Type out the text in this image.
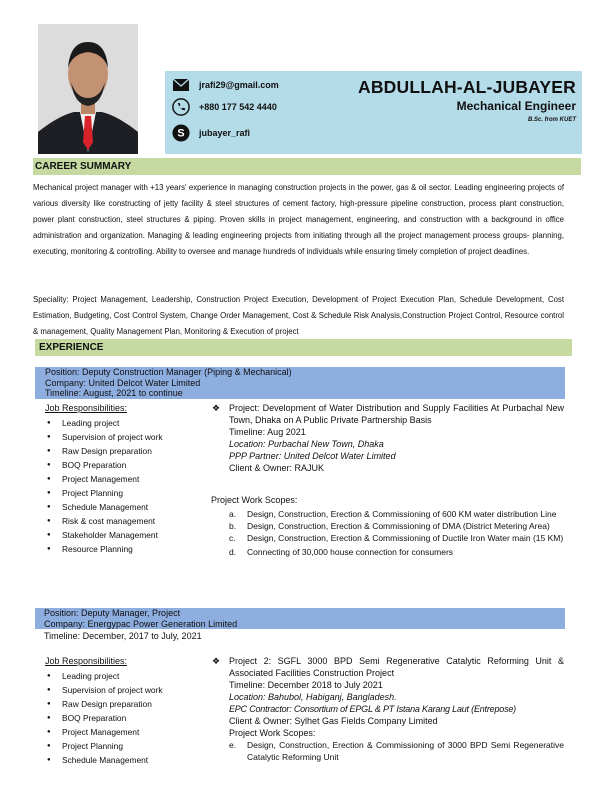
jrafi29@gmail.com
+880 177 542 4440
S jubayer_rafi
ABDULLAH-AL-JUBAYER
Mechanical Engineer
B.Sc. from KUET
CAREER SUMMARY
Mechanical project manager with +13 years' experience in managing construction projects in the power, gas & oil sector. Leading engineering projects of various diversity like constructing of jetty facility & steel structures of cement factory, high-pressure pipeline construction, process plant construction, power plant construction, steel structures & piping. Proven skills in project management, engineering, and construction with a background in office administration and organization. Managing & leading engineering projects from initiating through all the project management process groups- planning, executing, monitoring & controlling. Ability to oversee and manage hundreds of individuals while ensuring timely completion of project deadlines.
Speciality: Project Management, Leadership, Construction Project Execution, Development of Project Execution Plan, Schedule Development, Cost Estimation, Budgeting, Cost Control System, Change Order Management, Cost & Schedule Risk Analysis,Construction Project Control, Resource control & management, Quality Management Plan, Monitoring & Execution of project
EXPERIENCE
Position: Deputy Construction Manager (Piping & Mechanical)
Company: United Delcot Water Limited
Timeline: August, 2021 to continue
Job Responsibilities:
● Leading project
● Supervision of project work
● Raw Design preparation
● BOQ Preparation
● Project Management
● Project Planning
● Schedule Management
● Risk & cost management
● Stakeholder Management
● Resource Planning
❖ Project: Development of Water Distribution and Supply Facilities At Purbachal New Town, Dhaka on A Public Private Partnership Basis
Timeline: Aug 2021
Location: Purbachal New Town, Dhaka
PPP Partner: United Delcot Water Limited
Client & Owner: RAJUK
Project Work Scopes:
a. Design, Construction, Erection & Commissioning of 600 KM water distribution Line
b. Design, Construction, Erection & Commissioning of DMA (District Metering Area)
c. Design, Construction, Erection & Commissioning of Ductile Iron Water main (15 KM)
d. Connecting of 30,000 house connection for consumers
Position: Deputy Manager, Project
Company: Energypac Power Generation Limited
Timeline: December, 2017 to July, 2021
Job Responsibilities:
● Leading project
● Supervision of project work
● Raw Design preparation
● BOQ Preparation
● Project Management
● Project Planning
● Schedule Management
❖ Project 2: SGFL 3000 BPD Semi Regenerative Catalytic Reforming Unit & Associated Facilities Construction Project
Timeline: December 2018 to July 2021
Location: Bahubol, Habiganj, Bangladesh.
EPC Contractor: Consortium of EPGL & PT Istana Karang Laut (Entrepose)
Client & Owner: Sylhet Gas Fields Company Limited
Project Work Scopes:
e. Design, Construction, Erection & Commissioning of 3000 BPD Semi Regenerative Catalytic Reforming Unit
